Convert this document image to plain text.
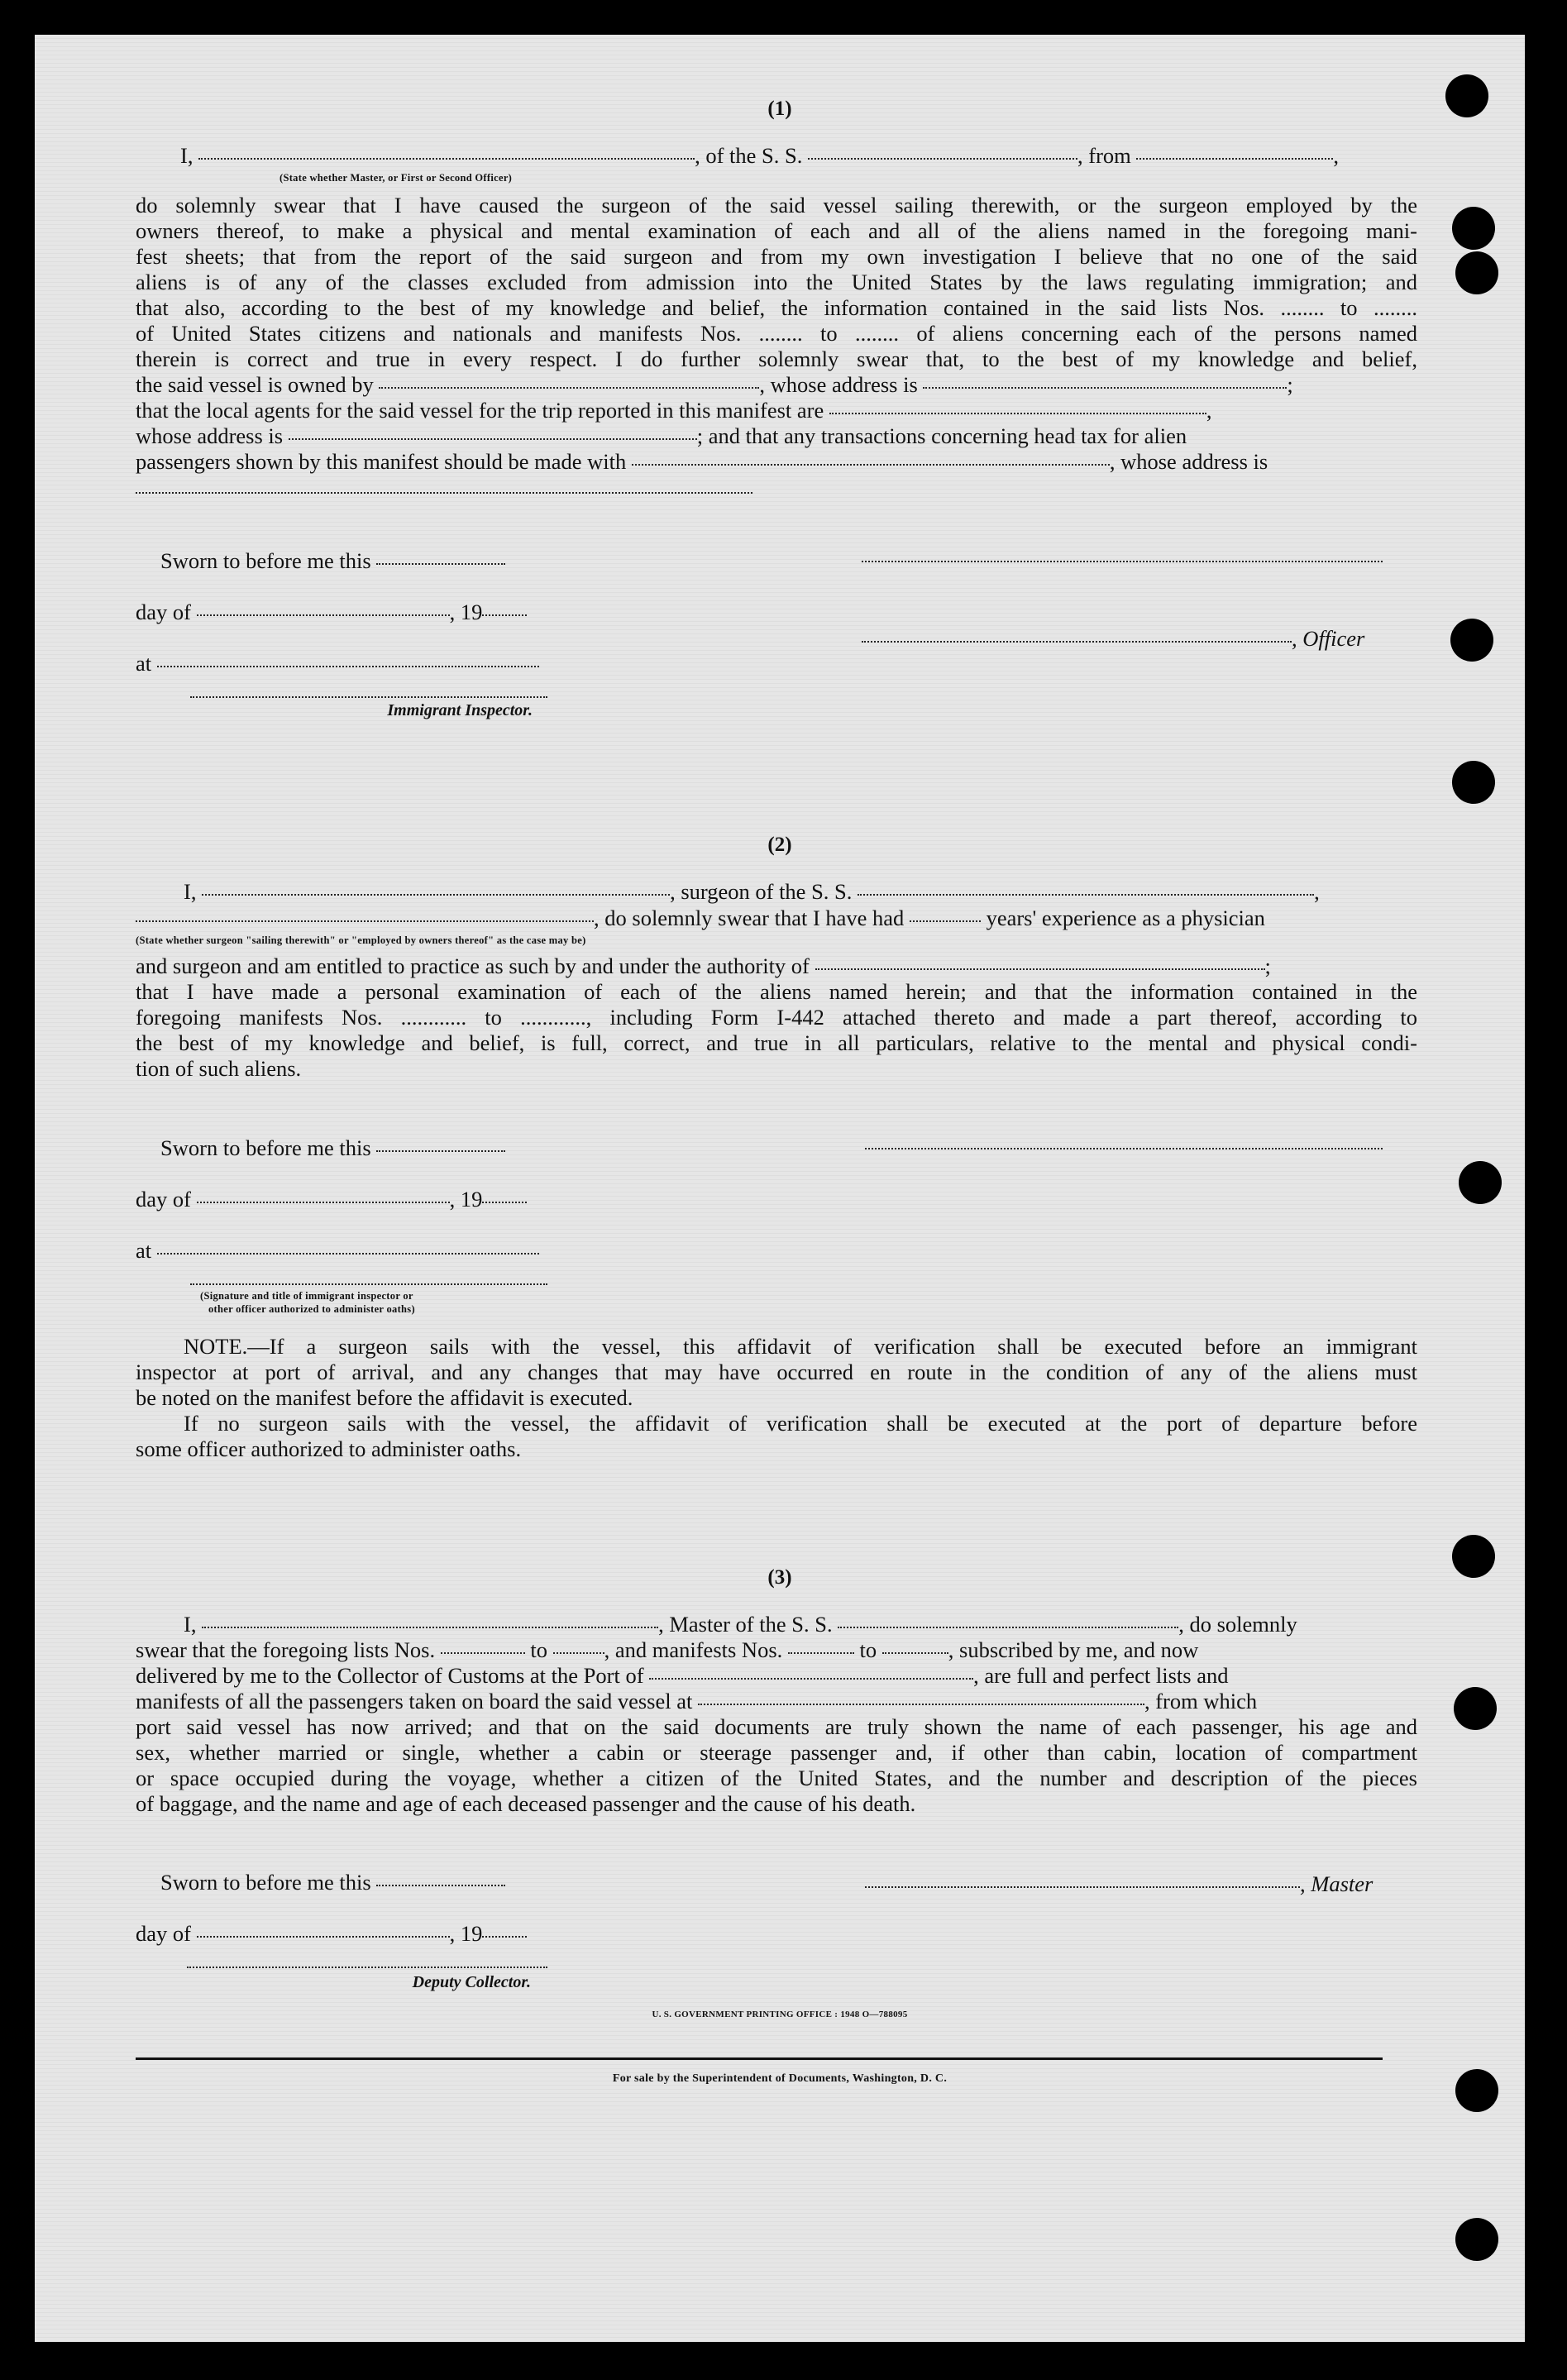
(1)
I,	, of the S. S.	, from	,
(State whether Master, or First or Second Officer)
do solemnly swear that I have caused the surgeon of the said vessel sailing therewith, or the surgeon employed by the
owners thereof, to make a physical and mental examination of each and all of the aliens named in the foregoing mani-
fest sheets; that from the report of the said surgeon and from my own investigation I believe that no one of the said
aliens is of any of the classes excluded from admission into the United States by the laws regulating immigration; and
that also, according to the best of my knowledge and belief, the information contained in the said lists Nos. ........ to ........
of United States citizens and nationals and manifests Nos. ........ to ........ of aliens concerning each of the persons named
therein is correct and true in every respect. I do further solemnly swear that, to the best of my knowledge and belief,
the said vessel is owned by	, whose address is	;
that the local agents for the said vessel for the trip reported in this manifest are	,
whose address is	; and that any transactions concerning head tax for alien
passengers shown by this manifest should be made with	, whose address is
Sworn to before me this
day of	, 19
, Officer
at
Immigrant Inspector.
(2)
I,	, surgeon of the S. S.	,
, do solemnly swear that I have had	years' experience as a physician
(State whether surgeon "sailing therewith" or "employed by owners thereof" as the case may be)
and surgeon and am entitled to practice as such by and under the authority of	;
that I have made a personal examination of each of the aliens named herein; and that the information contained in the
foregoing manifests Nos. ............ to ............, including Form I-442 attached thereto and made a part thereof, according to
the best of my knowledge and belief, is full, correct, and true in all particulars, relative to the mental and physical condi-
tion of such aliens.
Sworn to before me this
day of	, 19
at
(Signature and title of immigrant inspector or
other officer authorized to administer oaths)
NOTE.—If a surgeon sails with the vessel, this affidavit of verification shall be executed before an immigrant
inspector at port of arrival, and any changes that may have occurred en route in the condition of any of the aliens must
be noted on the manifest before the affidavit is executed.
If no surgeon sails with the vessel, the affidavit of verification shall be executed at the port of departure before
some officer authorized to administer oaths.
(3)
I,	, Master of the S. S.	, do solemnly
swear that the foregoing lists Nos.	to	, and manifests Nos.	to	, subscribed by me, and now
delivered by me to the Collector of Customs at the Port of	, are full and perfect lists and
manifests of all the passengers taken on board the said vessel at	, from which
port said vessel has now arrived; and that on the said documents are truly shown the name of each passenger, his age and
sex, whether married or single, whether a cabin or steerage passenger and, if other than cabin, location of compartment
or space occupied during the voyage, whether a citizen of the United States, and the number and description of the pieces
of baggage, and the name and age of each deceased passenger and the cause of his death.
Sworn to before me this	, Master
day of	, 19
Deputy Collector.
U. S. GOVERNMENT PRINTING OFFICE : 1948 O—788095
For sale by the Superintendent of Documents, Washington, D. C.
